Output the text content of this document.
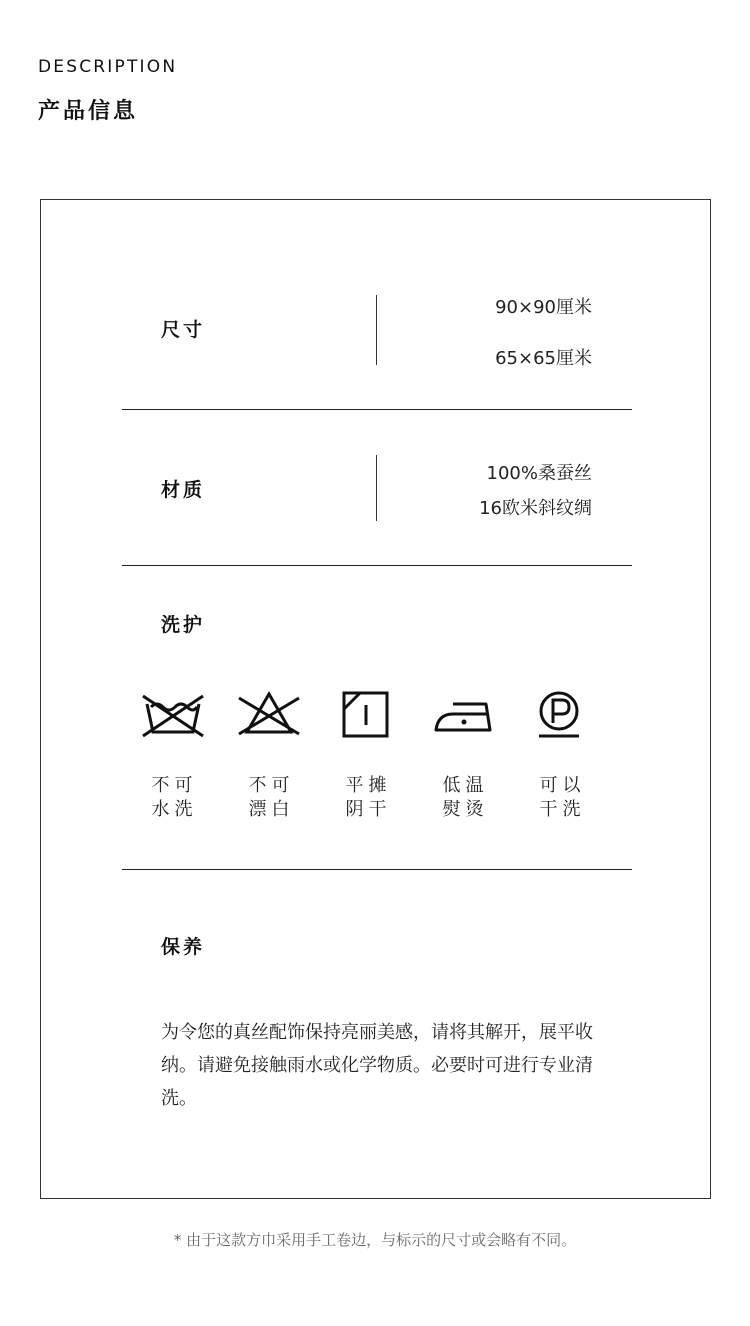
DESCRIPTION
产品信息
尺寸
90×90厘米
65×65厘米
材质
100%桑蚕丝
16欧米斜纹绸
洗护
不可
水洗
不可
漂白
平摊
阴干
低温
熨烫
可以
干洗
保养
为令您的真丝配饰保持亮丽美感，请将其解开，展平收纳。请避免接触雨水或化学物质。必要时可进行专业清洗。
* 由于这款方巾采用手工卷边，与标示的尺寸或会略有不同。
